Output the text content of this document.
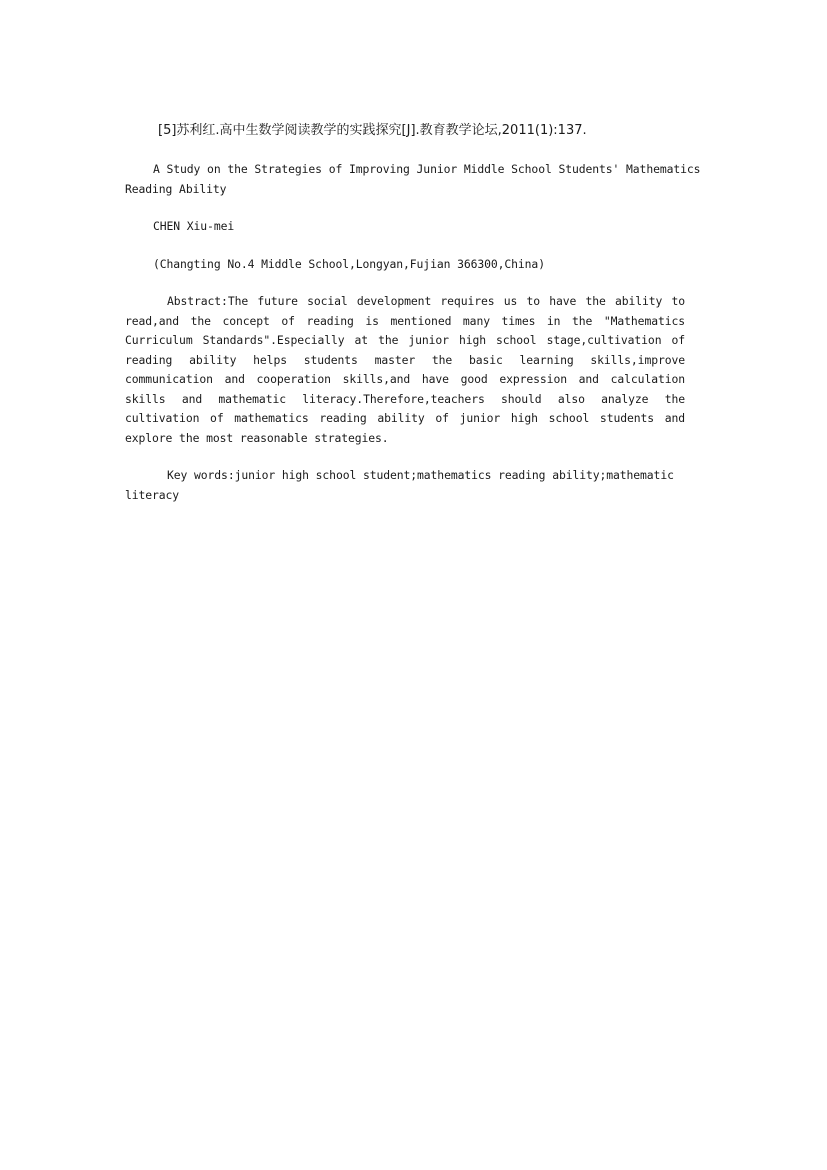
[5]苏利红.高中生数学阅读教学的实践探究[J].教育教学论坛,2011(1):137.
A Study on the Strategies of Improving Junior Middle School Students' Mathematics Reading Ability
CHEN Xiu-mei
(Changting No.4 Middle School,Longyan,Fujian 366300,China)
Abstract:The future social development requires us to have the ability to read,and the concept of reading is mentioned many times in the "Mathematics Curriculum Standards".Especially at the junior high school stage,cultivation of reading ability helps students master the basic learning skills,improve communication and cooperation skills,and have good expression and calculation skills and mathematic literacy.Therefore,teachers should also analyze the cultivation of mathematics reading ability of junior high school students and explore the most reasonable strategies.
Key words:junior high school student;mathematics reading ability;mathematic literacy
